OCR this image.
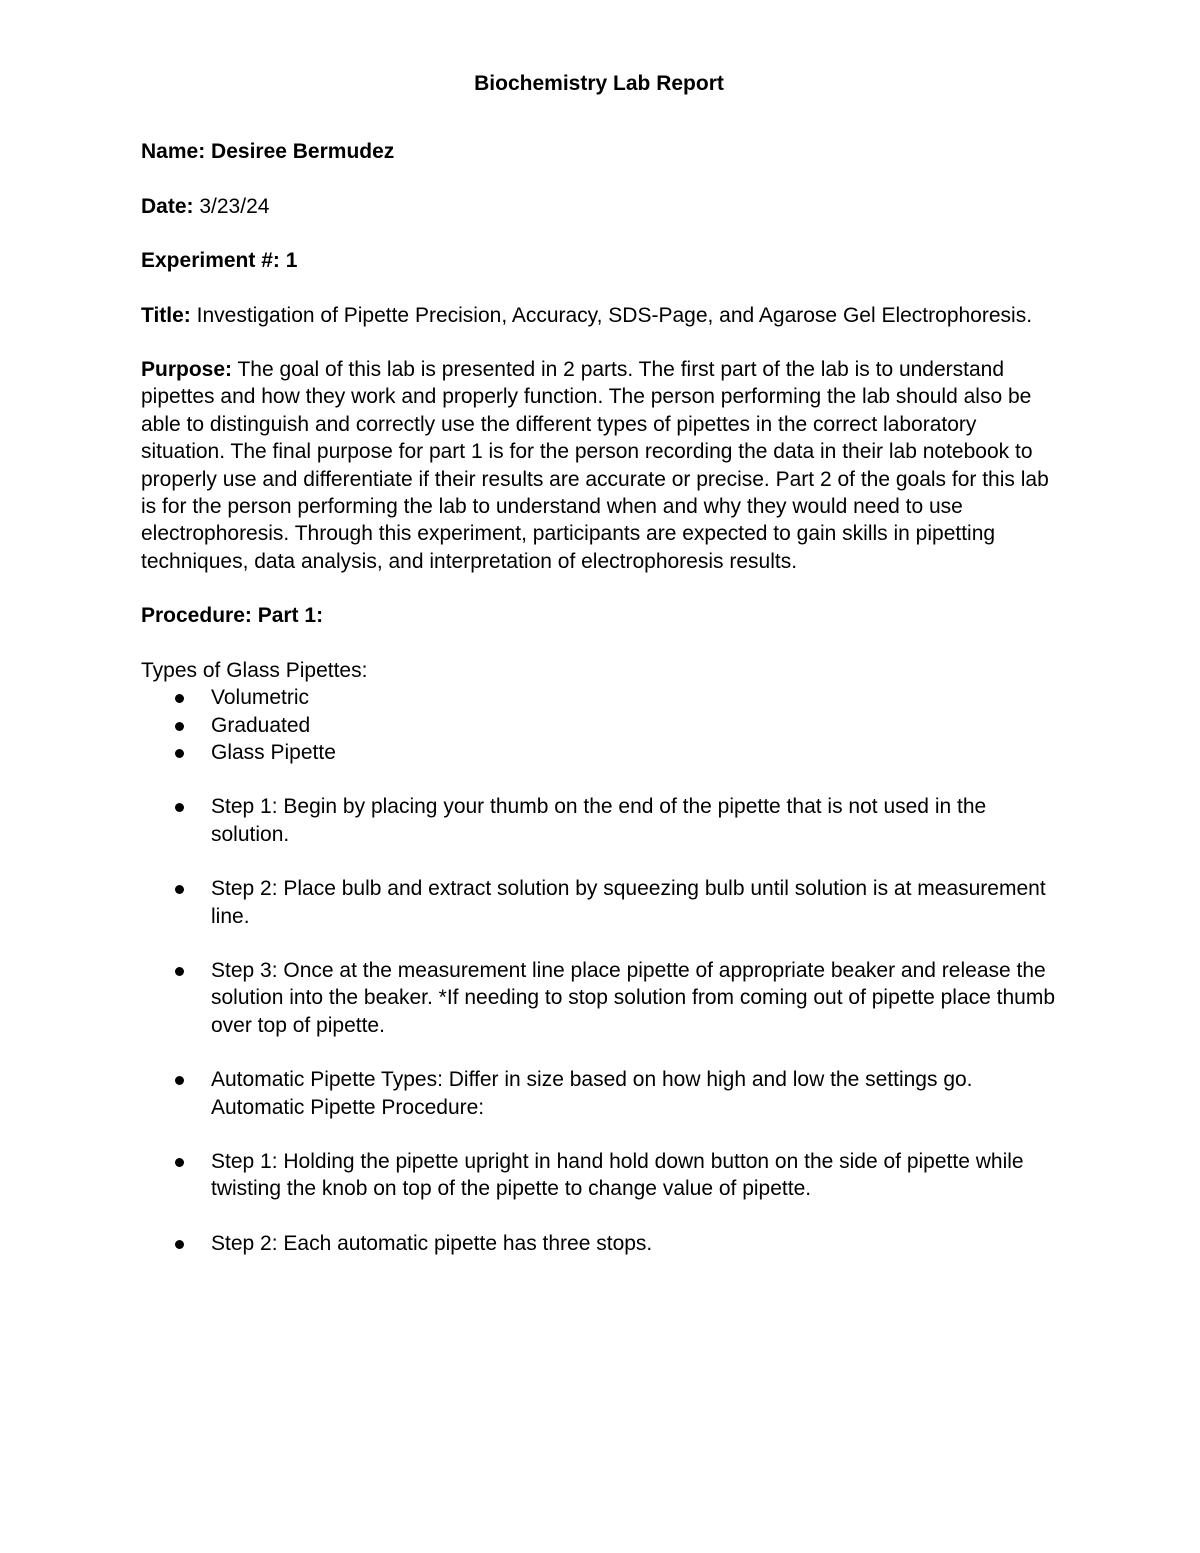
Biochemistry Lab Report

Name: Desiree Bermudez

Date: 3/23/24

Experiment #: 1

Title: Investigation of Pipette Precision, Accuracy, SDS-Page, and Agarose Gel Electrophoresis.

Purpose: The goal of this lab is presented in 2 parts. The first part of the lab is to understand pipettes and how they work and properly function. The person performing the lab should also be able to distinguish and correctly use the different types of pipettes in the correct laboratory situation. The final purpose for part 1 is for the person recording the data in their lab notebook to properly use and differentiate if their results are accurate or precise. Part 2 of the goals for this lab is for the person performing the lab to understand when and why they would need to use electrophoresis. Through this experiment, participants are expected to gain skills in pipetting techniques, data analysis, and interpretation of electrophoresis results.

Procedure: Part 1:
Types of Glass Pipettes:
Volumetric
Graduated
Glass Pipette
Step 1: Begin by placing your thumb on the end of the pipette that is not used in the solution.
Step 2: Place bulb and extract solution by squeezing bulb until solution is at measurement line.
Step 3: Once at the measurement line place pipette of appropriate beaker and release the solution into the beaker. *If needing to stop solution from coming out of pipette place thumb over top of pipette.
Automatic Pipette Types: Differ in size based on how high and low the settings go. Automatic Pipette Procedure:
Step 1: Holding the pipette upright in hand hold down button on the side of pipette while twisting the knob on top of the pipette to change value of pipette.
Step 2: Each automatic pipette has three stops.
